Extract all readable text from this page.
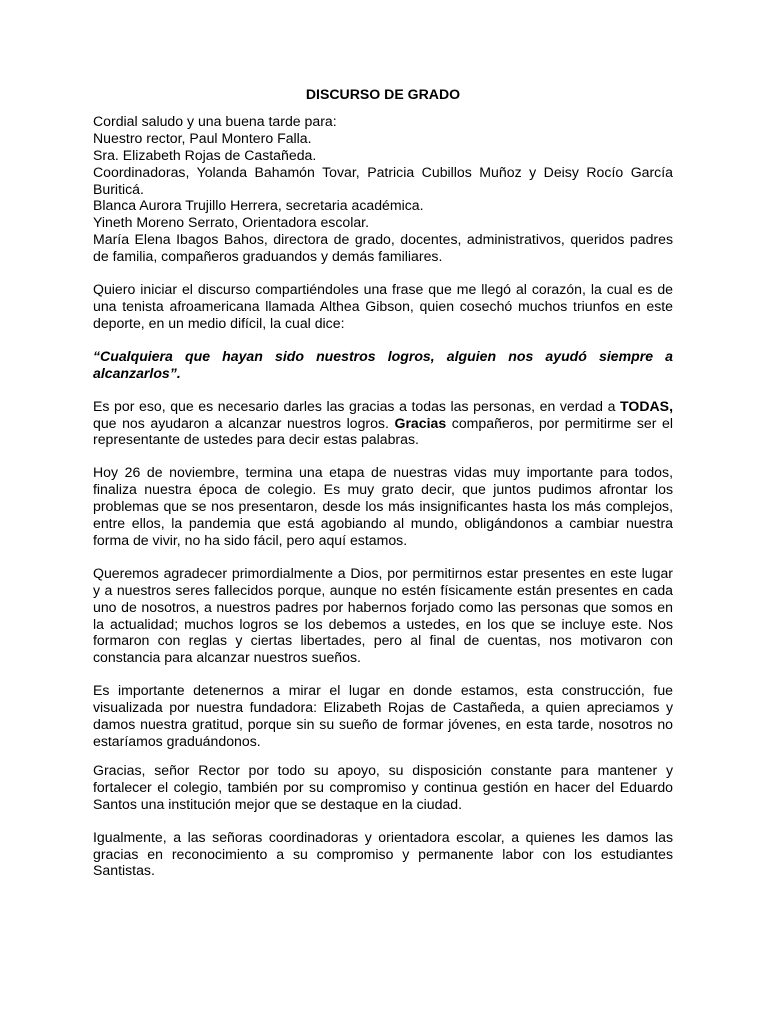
DISCURSO DE GRADO

Cordial saludo y una buena tarde para:

Nuestro rector, Paul Montero Falla.

Sra. Elizabeth Rojas de Castañeda.

Coordinadoras, Yolanda Bahamón Tovar, Patricia Cubillos Muñoz y Deisy Rocío García Buriticá.

Blanca Aurora Trujillo Herrera, secretaria académica.

Yineth Moreno Serrato, Orientadora escolar.

María Elena Ibagos Bahos, directora de grado, docentes, administrativos, queridos padres de familia, compañeros graduandos y demás familiares.

Quiero iniciar el discurso compartiéndoles una frase que me llegó al corazón, la cual es de una tenista afroamericana llamada Althea Gibson, quien cosechó muchos triunfos en este deporte, en un medio difícil, la cual dice:

“Cualquiera que hayan sido nuestros logros, alguien nos ayudó siempre a alcanzarlos”.

Es por eso, que es necesario darles las gracias a todas las personas, en verdad a TODAS, que nos ayudaron a alcanzar nuestros logros. Gracias compañeros, por permitirme ser el representante de ustedes para decir estas palabras.

Hoy 26 de noviembre, termina una etapa de nuestras vidas muy importante para todos, finaliza nuestra época de colegio. Es muy grato decir, que juntos pudimos afrontar los problemas que se nos presentaron, desde los más insignificantes hasta los más complejos, entre ellos, la pandemia que está agobiando al mundo, obligándonos a cambiar nuestra forma de vivir, no ha sido fácil, pero aquí estamos.

Queremos agradecer primordialmente a Dios, por permitirnos estar presentes en este lugar y a nuestros seres fallecidos porque, aunque no estén físicamente están presentes en cada uno de nosotros, a nuestros padres por habernos forjado como las personas que somos en la actualidad; muchos logros se los debemos a ustedes, en los que se incluye este. Nos formaron con reglas y ciertas libertades, pero al final de cuentas, nos motivaron con constancia para alcanzar nuestros sueños.

Es importante detenernos a mirar el lugar en donde estamos, esta construcción, fue visualizada por nuestra fundadora: Elizabeth Rojas de Castañeda, a quien apreciamos y damos nuestra gratitud, porque sin su sueño de formar jóvenes, en esta tarde, nosotros no estaríamos graduándonos.

Gracias, señor Rector por todo su apoyo, su disposición constante para mantener y fortalecer el colegio, también por su compromiso y continua gestión en hacer del Eduardo Santos una institución mejor que se destaque en la ciudad.

Igualmente, a las señoras coordinadoras y orientadora escolar, a quienes les damos las gracias en reconocimiento a su compromiso y permanente labor con los estudiantes Santistas.
